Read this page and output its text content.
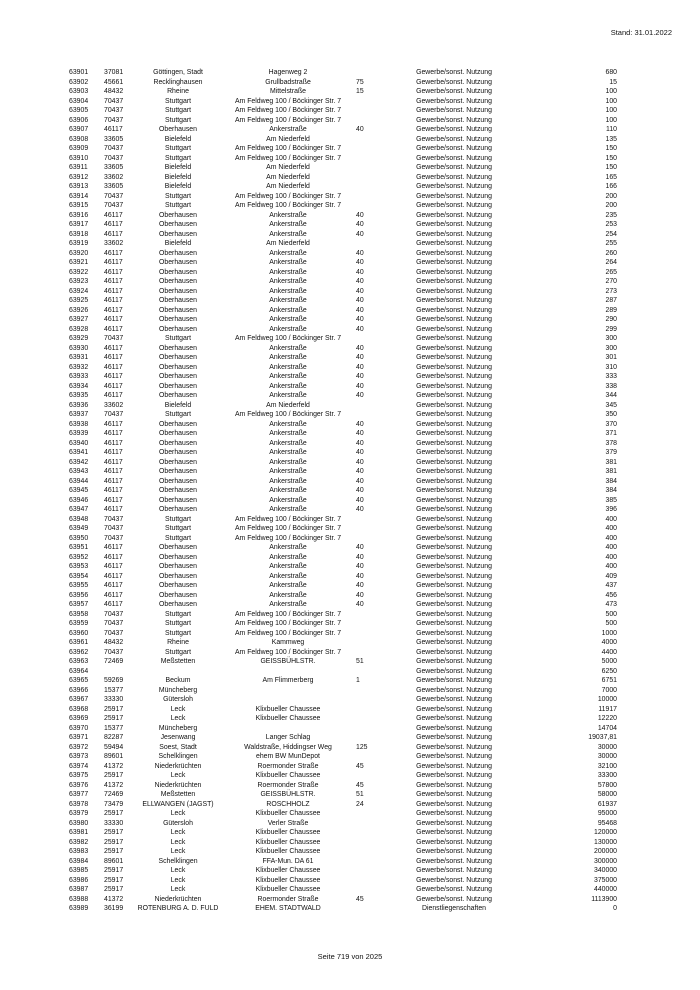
Stand: 31.01.2022
63901 37081	Göttingen, Stadt	Hagenweg 2	Gewerbe/sonst. Nutzung	680
63902 45661	Recklinghausen	Grullbadstraße	75	Gewerbe/sonst. Nutzung	15
63903 48432	Rheine	Mittelstraße	15	Gewerbe/sonst. Nutzung	100
63904 70437	Stuttgart	Am Feldweg 100 / Böckinger Str. 7	Gewerbe/sonst. Nutzung	100
63905 70437	Stuttgart	Am Feldweg 100 / Böckinger Str. 7	Gewerbe/sonst. Nutzung	100
63906 70437	Stuttgart	Am Feldweg 100 / Böckinger Str. 7	Gewerbe/sonst. Nutzung	100
63907 46117	Oberhausen	Ankerstraße	40	Gewerbe/sonst. Nutzung	110
63908 33605	Bielefeld	Am Niederfeld	Gewerbe/sonst. Nutzung	135
63909 70437	Stuttgart	Am Feldweg 100 / Böckinger Str. 7	Gewerbe/sonst. Nutzung	150
63910 70437	Stuttgart	Am Feldweg 100 / Böckinger Str. 7	Gewerbe/sonst. Nutzung	150
63911 33605	Bielefeld	Am Niederfeld	Gewerbe/sonst. Nutzung	150
63912 33602	Bielefeld	Am Niederfeld	Gewerbe/sonst. Nutzung	165
63913 33605	Bielefeld	Am Niederfeld	Gewerbe/sonst. Nutzung	166
63914 70437	Stuttgart	Am Feldweg 100 / Böckinger Str. 7	Gewerbe/sonst. Nutzung	200
63915 70437	Stuttgart	Am Feldweg 100 / Böckinger Str. 7	Gewerbe/sonst. Nutzung	200
63916 46117	Oberhausen	Ankerstraße	40	Gewerbe/sonst. Nutzung	235
63917 46117	Oberhausen	Ankerstraße	40	Gewerbe/sonst. Nutzung	253
63918 46117	Oberhausen	Ankerstraße	40	Gewerbe/sonst. Nutzung	254
63919 33602	Bielefeld	Am Niederfeld	Gewerbe/sonst. Nutzung	255
63920 46117	Oberhausen	Ankerstraße	40	Gewerbe/sonst. Nutzung	260
63921 46117	Oberhausen	Ankerstraße	40	Gewerbe/sonst. Nutzung	264
63922 46117	Oberhausen	Ankerstraße	40	Gewerbe/sonst. Nutzung	265
63923 46117	Oberhausen	Ankerstraße	40	Gewerbe/sonst. Nutzung	270
63924 46117	Oberhausen	Ankerstraße	40	Gewerbe/sonst. Nutzung	273
63925 46117	Oberhausen	Ankerstraße	40	Gewerbe/sonst. Nutzung	287
63926 46117	Oberhausen	Ankerstraße	40	Gewerbe/sonst. Nutzung	289
63927 46117	Oberhausen	Ankerstraße	40	Gewerbe/sonst. Nutzung	290
63928 46117	Oberhausen	Ankerstraße	40	Gewerbe/sonst. Nutzung	299
63929 70437	Stuttgart	Am Feldweg 100 / Böckinger Str. 7	Gewerbe/sonst. Nutzung	300
63930 46117	Oberhausen	Ankerstraße	40	Gewerbe/sonst. Nutzung	300
63931 46117	Oberhausen	Ankerstraße	40	Gewerbe/sonst. Nutzung	301
63932 46117	Oberhausen	Ankerstraße	40	Gewerbe/sonst. Nutzung	310
63933 46117	Oberhausen	Ankerstraße	40	Gewerbe/sonst. Nutzung	333
63934 46117	Oberhausen	Ankerstraße	40	Gewerbe/sonst. Nutzung	338
63935 46117	Oberhausen	Ankerstraße	40	Gewerbe/sonst. Nutzung	344
63936 33602	Bielefeld	Am Niederfeld	Gewerbe/sonst. Nutzung	345
63937 70437	Stuttgart	Am Feldweg 100 / Böckinger Str. 7	Gewerbe/sonst. Nutzung	350
63938 46117	Oberhausen	Ankerstraße	40	Gewerbe/sonst. Nutzung	370
63939 46117	Oberhausen	Ankerstraße	40	Gewerbe/sonst. Nutzung	371
63940 46117	Oberhausen	Ankerstraße	40	Gewerbe/sonst. Nutzung	378
63941 46117	Oberhausen	Ankerstraße	40	Gewerbe/sonst. Nutzung	379
63942 46117	Oberhausen	Ankerstraße	40	Gewerbe/sonst. Nutzung	381
63943 46117	Oberhausen	Ankerstraße	40	Gewerbe/sonst. Nutzung	381
63944 46117	Oberhausen	Ankerstraße	40	Gewerbe/sonst. Nutzung	384
63945 46117	Oberhausen	Ankerstraße	40	Gewerbe/sonst. Nutzung	384
63946 46117	Oberhausen	Ankerstraße	40	Gewerbe/sonst. Nutzung	385
63947 46117	Oberhausen	Ankerstraße	40	Gewerbe/sonst. Nutzung	396
63948 70437	Stuttgart	Am Feldweg 100 / Böckinger Str. 7	Gewerbe/sonst. Nutzung	400
63949 70437	Stuttgart	Am Feldweg 100 / Böckinger Str. 7	Gewerbe/sonst. Nutzung	400
63950 70437	Stuttgart	Am Feldweg 100 / Böckinger Str. 7	Gewerbe/sonst. Nutzung	400
63951 46117	Oberhausen	Ankerstraße	40	Gewerbe/sonst. Nutzung	400
63952 46117	Oberhausen	Ankerstraße	40	Gewerbe/sonst. Nutzung	400
63953 46117	Oberhausen	Ankerstraße	40	Gewerbe/sonst. Nutzung	400
63954 46117	Oberhausen	Ankerstraße	40	Gewerbe/sonst. Nutzung	409
63955 46117	Oberhausen	Ankerstraße	40	Gewerbe/sonst. Nutzung	437
63956 46117	Oberhausen	Ankerstraße	40	Gewerbe/sonst. Nutzung	456
63957 46117	Oberhausen	Ankerstraße	40	Gewerbe/sonst. Nutzung	473
63958 70437	Stuttgart	Am Feldweg 100 / Böckinger Str. 7	Gewerbe/sonst. Nutzung	500
63959 70437	Stuttgart	Am Feldweg 100 / Böckinger Str. 7	Gewerbe/sonst. Nutzung	500
63960 70437	Stuttgart	Am Feldweg 100 / Böckinger Str. 7	Gewerbe/sonst. Nutzung	1000
63961 48432	Rheine	Kammweg	Gewerbe/sonst. Nutzung	4000
63962 70437	Stuttgart	Am Feldweg 100 / Böckinger Str. 7	Gewerbe/sonst. Nutzung	4400
63963 72469	Meßstetten	GEISSBÜHLSTR.	51	Gewerbe/sonst. Nutzung	5000
63964	Gewerbe/sonst. Nutzung	6250
63965 59269	Beckum	Am Flimmerberg	1	Gewerbe/sonst. Nutzung	6751
63966 15377	Müncheberg	Gewerbe/sonst. Nutzung	7000
63967 33330	Gütersloh	Gewerbe/sonst. Nutzung	10000
63968 25917	Leck	Klixbueller Chaussee	Gewerbe/sonst. Nutzung	11917
63969 25917	Leck	Klixbueller Chaussee	Gewerbe/sonst. Nutzung	12220
63970 15377	Müncheberg	Gewerbe/sonst. Nutzung	14704
63971 82287	Jesenwang	Langer Schlag	Gewerbe/sonst. Nutzung	19037,81
63972 59494	Soest, Stadt	Waldstraße, Hiddingser Weg	125	Gewerbe/sonst. Nutzung	30000
63973 89601	Schelklingen	ehem BW MunDepot	Gewerbe/sonst. Nutzung	30000
63974 41372	Niederkrüchten	Roermonder Straße	45	Gewerbe/sonst. Nutzung	32100
63975 25917	Leck	Klixbueller Chaussee	Gewerbe/sonst. Nutzung	33300
63976 41372	Niederkrüchten	Roermonder Straße	45	Gewerbe/sonst. Nutzung	57800
63977 72469	Meßstetten	GEISSBÜHLSTR.	51	Gewerbe/sonst. Nutzung	58000
63978 73479	ELLWANGEN (JAGST)	ROSCHHOLZ	24	Gewerbe/sonst. Nutzung	61937
63979 25917	Leck	Klixbueller Chaussee	Gewerbe/sonst. Nutzung	95000
63980 33330	Gütersloh	Verler Straße	Gewerbe/sonst. Nutzung	95468
63981 25917	Leck	Klixbueller Chaussee	Gewerbe/sonst. Nutzung	120000
63982 25917	Leck	Klixbueller Chaussee	Gewerbe/sonst. Nutzung	130000
63983 25917	Leck	Klixbueller Chaussee	Gewerbe/sonst. Nutzung	200000
63984 89601	Schelklingen	FFA-Mun. DA 61	Gewerbe/sonst. Nutzung	300000
63985 25917	Leck	Klixbueller Chaussee	Gewerbe/sonst. Nutzung	340000
63986 25917	Leck	Klixbueller Chaussee	Gewerbe/sonst. Nutzung	375000
63987 25917	Leck	Klixbueller Chaussee	Gewerbe/sonst. Nutzung	440000
63988 41372	Niederkrüchten	Roermonder Straße	45	Gewerbe/sonst. Nutzung	1113900
63989 36199 ROTENBURG A. D. FULD	EHEM. STADTWALD	Dienstliegenschaften	0
Seite 719 von 2025
